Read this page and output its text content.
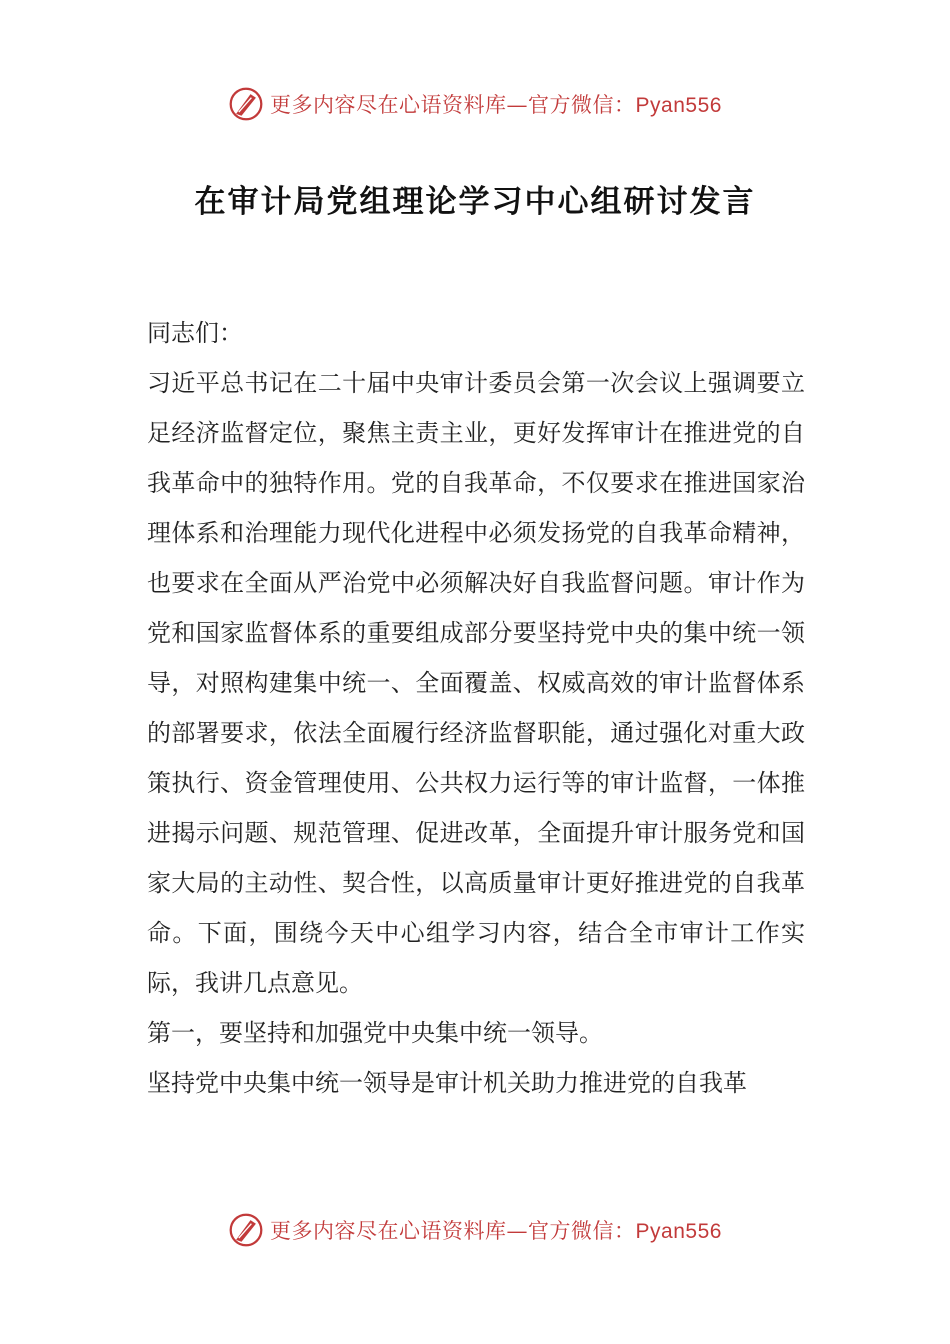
更多内容尽在心语资料库—官方微信：Pyan556
在审计局党组理论学习中心组研讨发言

同志们：

习近平总书记在二十届中央审计委员会第一次会议上强调要立足经济监督定位，聚焦主责主业，更好发挥审计在推进党的自我革命中的独特作用。党的自我革命，不仅要求在推进国家治理体系和治理能力现代化进程中必须发扬党的自我革命精神，也要求在全面从严治党中必须解决好自我监督问题。审计作为党和国家监督体系的重要组成部分要坚持党中央的集中统一领导，对照构建集中统一、全面覆盖、权威高效的审计监督体系的部署要求，依法全面履行经济监督职能，通过强化对重大政策执行、资金管理使用、公共权力运行等的审计监督，一体推进揭示问题、规范管理、促进改革，全面提升审计服务党和国家大局的主动性、契合性，以高质量审计更好推进党的自我革命。下面，围绕今天中心组学习内容，结合全市审计工作实际，我讲几点意见。

第一，要坚持和加强党中央集中统一领导。

坚持党中央集中统一领导是审计机关助力推进党的自我革

更多内容尽在心语资料库—官方微信：Pyan556
